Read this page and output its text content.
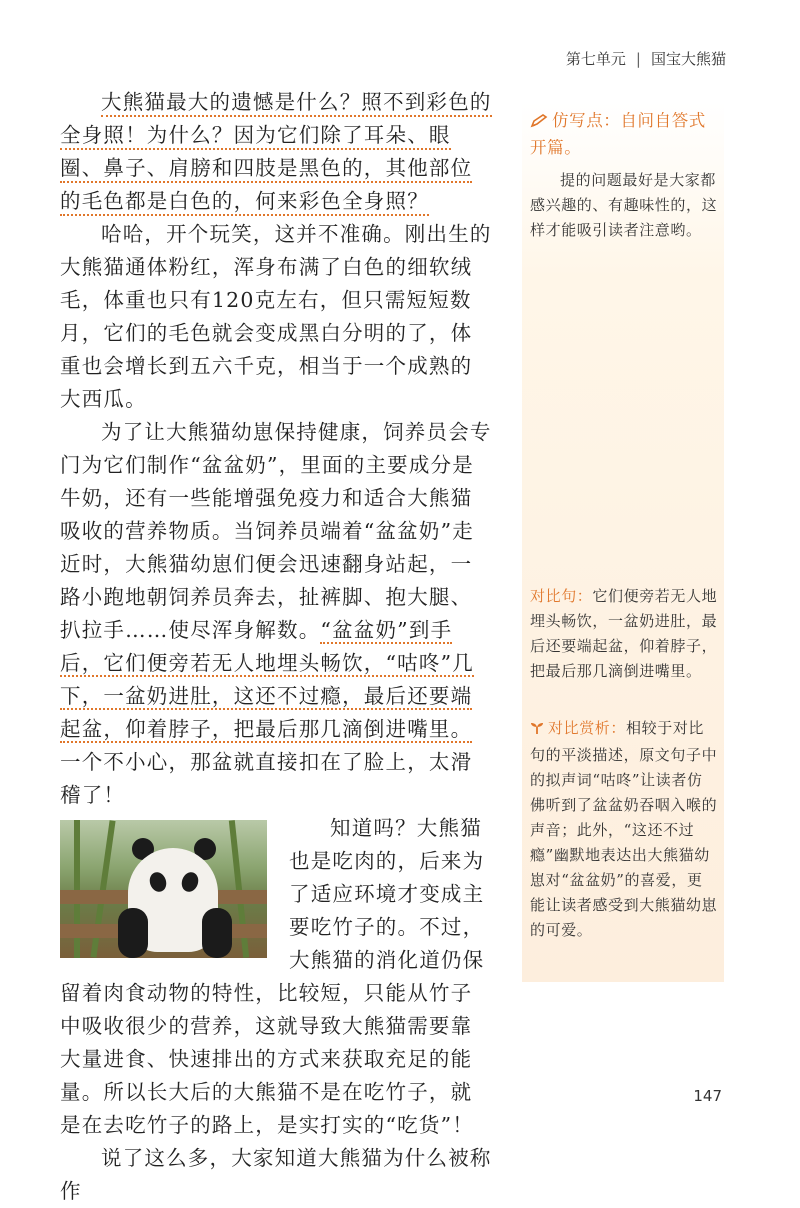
第七单元 | 国宝大熊猫

大熊猫最大的遗憾是什么？照不到彩色的全身照！为什么？因为它们除了耳朵、眼圈、鼻子、肩膀和四肢是黑色的，其他部位的毛色都是白色的，何来彩色全身照？

哈哈，开个玩笑，这并不准确。刚出生的大熊猫通体粉红，浑身布满了白色的细软绒毛，体重也只有120克左右，但只需短短数月，它们的毛色就会变成黑白分明的了，体重也会增长到五六千克，相当于一个成熟的大西瓜。

为了让大熊猫幼崽保持健康，饲养员会专门为它们制作“盆盆奶”，里面的主要成分是牛奶，还有一些能增强免疫力和适合大熊猫吸收的营养物质。当饲养员端着“盆盆奶”走近时，大熊猫幼崽们便会迅速翻身站起，一路小跑地朝饲养员奔去，扯裤脚、抱大腿、扒拉手……使尽浑身解数。“盆盆奶”到手后，它们便旁若无人地埋头畅饮，“咕咚”几下，一盆奶进肚，这还不过瘾，最后还要端起盆，仰着脖子，把最后那几滴倒进嘴里。一个不小心，那盆就直接扣在了脸上，太滑稽了！

知道吗？大熊猫也是吃肉的，后来为了适应环境才变成主要吃竹子的。不过，大熊猫的消化道仍保留着肉食动物的特性，比较短，只能从竹子中吸收很少的营养，这就导致大熊猫需要靠大量进食、快速排出的方式来获取充足的能量。所以长大后的大熊猫不是在吃竹子，就是在去吃竹子的路上，是实打实的“吃货”！

说了这么多，大家知道大熊猫为什么被称作

仿写点：自问自答式开篇。

提的问题最好是大家都感兴趣的、有趣味性的，这样才能吸引读者注意哟。

对比句：它们便旁若无人地埋头畅饮，一盆奶进肚，最后还要端起盆，仰着脖子，把最后那几滴倒进嘴里。

对比赏析：相较于对比句的平淡描述，原文句子中的拟声词“咕咚”让读者仿佛听到了盆盆奶吞咽入喉的声音；此外，“这还不过瘾”幽默地表达出大熊猫幼崽对“盆盆奶”的喜爱，更能让读者感受到大熊猫幼崽的可爱。

147
